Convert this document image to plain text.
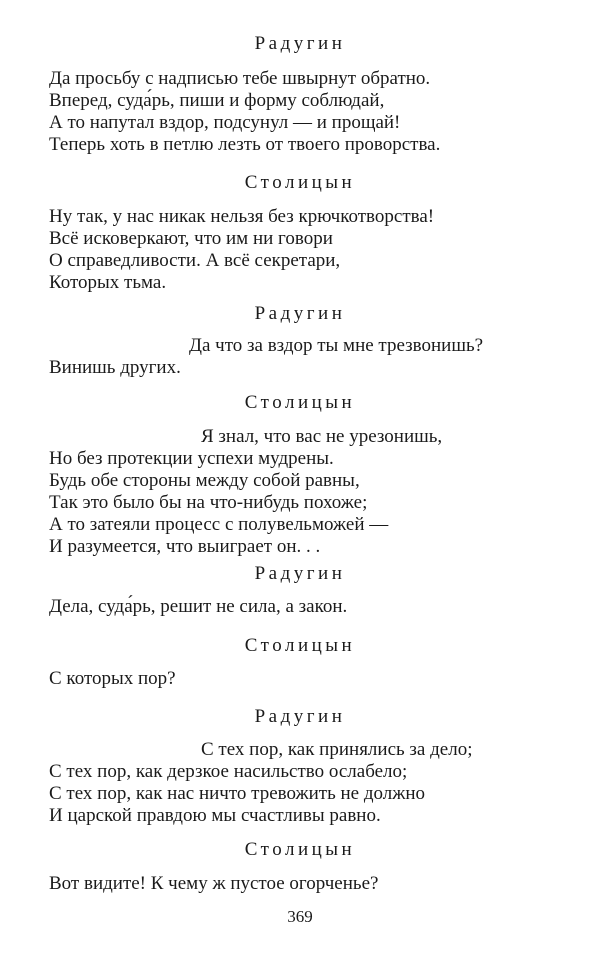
Радугин
Да просьбу с надписью тебе швырнут обратно.
Вперед, суда́рь, пиши и форму соблюдай,
А то напутал вздор, подсунул — и прощай!
Теперь хоть в петлю лезть от твоего проворства.
Столицын
Ну так, у нас никак нельзя без крючкотворства!
Всё исковеркают, что им ни говори
О справедливости. А всё секретари,
Которых тьма.
Радугин
Да что за вздор ты мне трезвонишь?
Винишь других.
Столицын
Я знал, что вас не урезонишь,
Но без протекции успехи мудрены.
Будь обе стороны между собой равны,
Так это было бы на что-нибудь похоже;
А то затеяли процесс с полувельможей —
И разумеется, что выиграет он. . .
Радугин
Дела, суда́рь, решит не сила, а закон.
Столицын
С которых пор?
Радугин
С тех пор, как принялись за дело;
С тех пор, как дерзкое насильство ослабело;
С тех пор, как нас ничто тревожить не должно
И царской правдою мы счастливы равно.
Столицын
Вот видите! К чему ж пустое огорченье?
369
